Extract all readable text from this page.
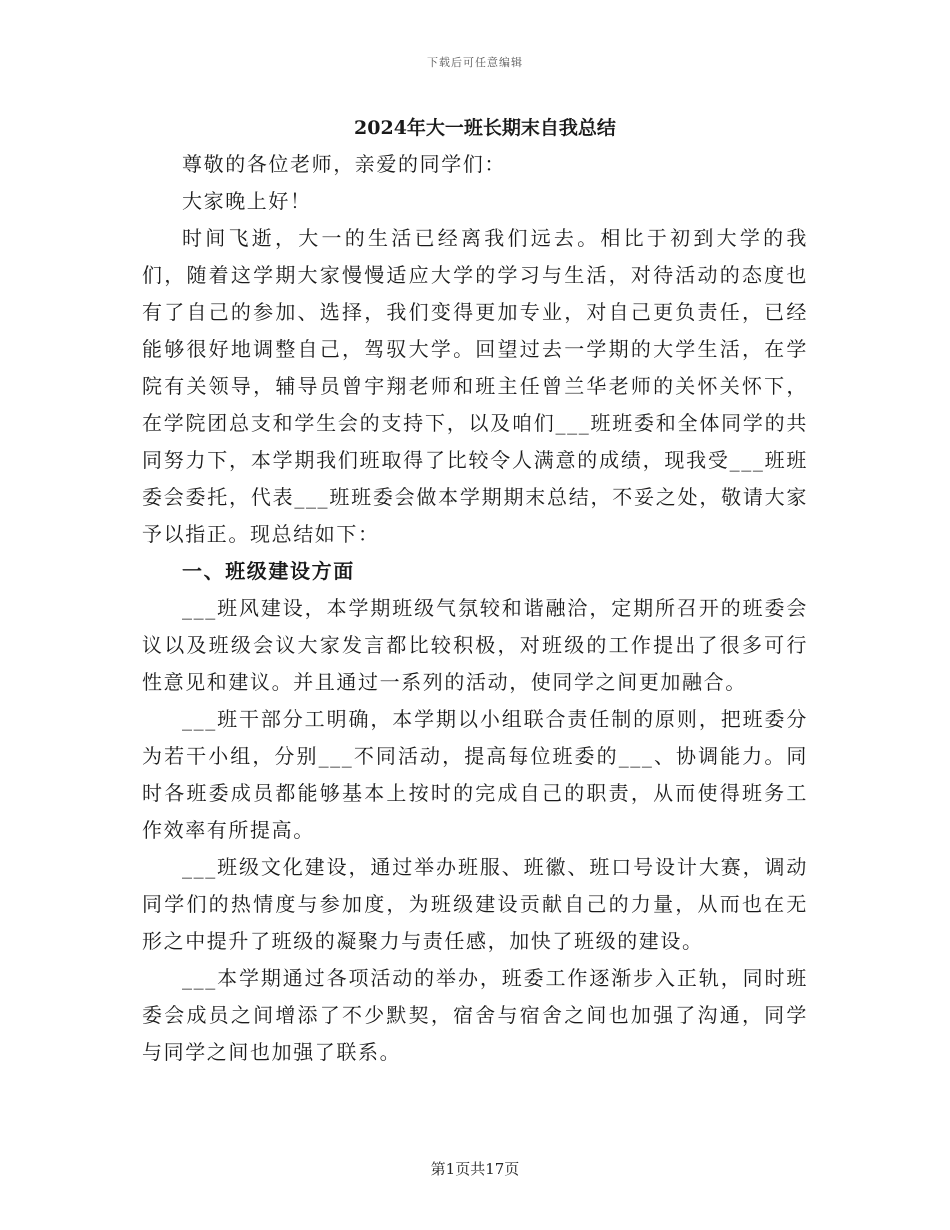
下载后可任意编辑
2024年大一班长期末自我总结

尊敬的各位老师，亲爱的同学们：

大家晚上好！

时间飞逝，大一的生活已经离我们远去。相比于初到大学的我们，随着这学期大家慢慢适应大学的学习与生活，对待活动的态度也有了自己的参加、选择，我们变得更加专业，对自己更负责任，已经能够很好地调整自己，驾驭大学。回望过去一学期的大学生活，在学院有关领导，辅导员曾宇翔老师和班主任曾兰华老师的关怀关怀下，在学院团总支和学生会的支持下，以及咱们___班班委和全体同学的共同努力下，本学期我们班取得了比较令人满意的成绩，现我受___班班委会委托，代表___班班委会做本学期期末总结，不妥之处，敬请大家予以指正。现总结如下：

一、班级建设方面

___班风建设，本学期班级气氛较和谐融洽，定期所召开的班委会议以及班级会议大家发言都比较积极，对班级的工作提出了很多可行性意见和建议。并且通过一系列的活动，使同学之间更加融合。

___班干部分工明确，本学期以小组联合责任制的原则，把班委分为若干小组，分别___不同活动，提高每位班委的___、协调能力。同时各班委成员都能够基本上按时的完成自己的职责，从而使得班务工作效率有所提高。

___班级文化建设，通过举办班服、班徽、班口号设计大赛，调动同学们的热情度与参加度，为班级建设贡献自己的力量，从而也在无形之中提升了班级的凝聚力与责任感，加快了班级的建设。

___本学期通过各项活动的举办，班委工作逐渐步入正轨，同时班委会成员之间增添了不少默契，宿舍与宿舍之间也加强了沟通，同学与同学之间也加强了联系。

第1页共17页
